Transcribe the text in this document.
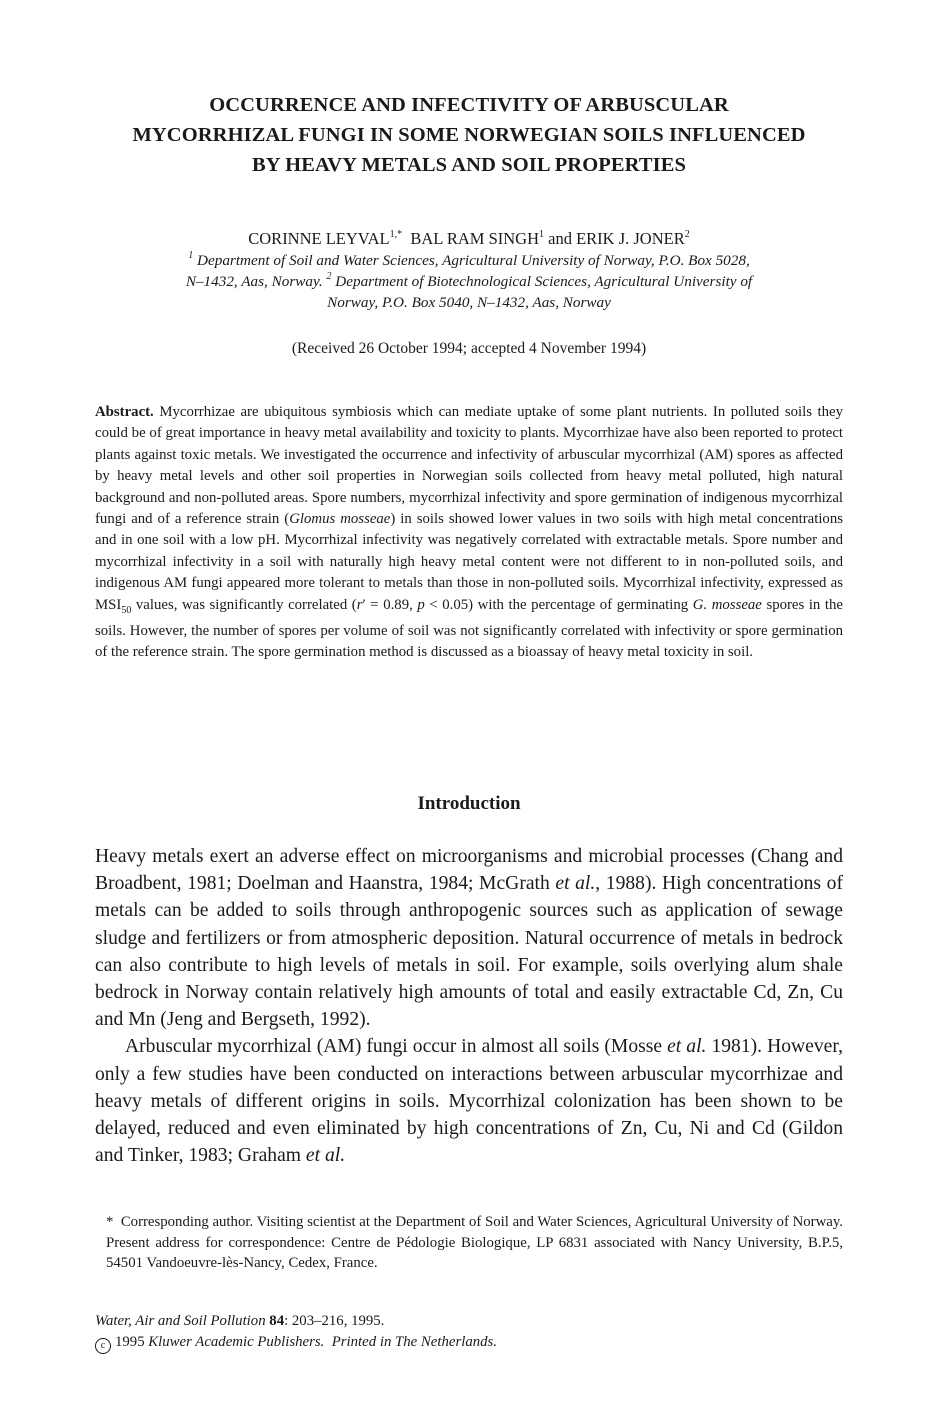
OCCURRENCE AND INFECTIVITY OF ARBUSCULAR
MYCORRHIZAL FUNGI IN SOME NORWEGIAN SOILS INFLUENCED
BY HEAVY METALS AND SOIL PROPERTIES
CORINNE $LEYVAL^{1,*}$ BAL RAM SINGH$^1$ and ERIK J. JONER$^2$
$^1$ Department of Soil and Water Sciences, Agricultural University of Norway, P.O. Box 5028,
N–1432, Aas, Norway. $^2$ Department of Biotechnological Sciences, Agricultural University of
Norway, P.O. Box 5040, N–1432, Aas, Norway
(Received 26 October 1994; accepted 4 November 1994)
Abstract. Mycorrhizae are ubiquitous symbiosis which can mediate uptake of some plant nutrients. In polluted soils they could be of great importance in heavy metal availability and toxicity to plants. Mycorrhizae have also been reported to protect plants against toxic metals. We investigated the occurrence and infectivity of arbuscular mycorrhizal (AM) spores as affected by heavy metal levels and other soil properties in Norwegian soils collected from heavy metal polluted, high natural background and non-polluted areas. Spore numbers, mycorrhizal infectivity and spore germination of indigenous mycorrhizal fungi and of a reference strain (Glomus mosseae) in soils showed lower values in two soils with high metal concentrations and in one soil with a low pH. Mycorrhizal infectivity was negatively correlated with extractable metals. Spore number and mycorrhizal infectivity in a soil with naturally high heavy metal content were not different to in non-polluted soils, and indigenous AM fungi appeared more tolerant to metals than those in non-polluted soils. Mycorrhizal infectivity, expressed as $MSI_{50}$ values, was significantly correlated (r′ = 0.89, p < 0.05) with the percentage of germinating G. mosseae spores in the soils. However, the number of spores per volume of soil was not significantly correlated with infectivity or spore germination of the reference strain. The spore germination method is discussed as a bioassay of heavy metal toxicity in soil.
Introduction

Heavy metals exert an adverse effect on microorganisms and microbial processes (Chang and Broadbent, 1981; Doelman and Haanstra, 1984; McGrath et al., 1988). High concentrations of metals can be added to soils through anthropogenic sources such as application of sewage sludge and fertilizers or from atmospheric deposition. Natural occurrence of metals in bedrock can also contribute to high levels of metals in soil. For example, soils overlying alum shale bedrock in Norway contain relatively high amounts of total and easily extractable Cd, Zn, Cu and Mn (Jeng and Bergseth, 1992).

Arbuscular mycorrhizal (AM) fungi occur in almost all soils (Mosse et al. 1981). However, only a few studies have been conducted on interactions between arbuscular mycorrhizae and heavy metals of different origins in soils. Mycorrhizal colonization has been shown to be delayed, reduced and even eliminated by high concentrations of Zn, Cu, Ni and Cd (Gildon and Tinker, 1983; Graham et al.

* Corresponding author. Visiting scientist at the Department of Soil and Water Sciences, Agricultural University of Norway. Present address for correspondence: Centre de Pédologie Biologique, LP 6831 associated with Nancy University, B.P.5, 54501 Vandoeuvre-lès-Nancy, Cedex, France.
Water, Air and Soil Pollution 84: 203–216, 1995.
c 1995 Kluwer Academic Publishers. Printed in The Netherlands.
